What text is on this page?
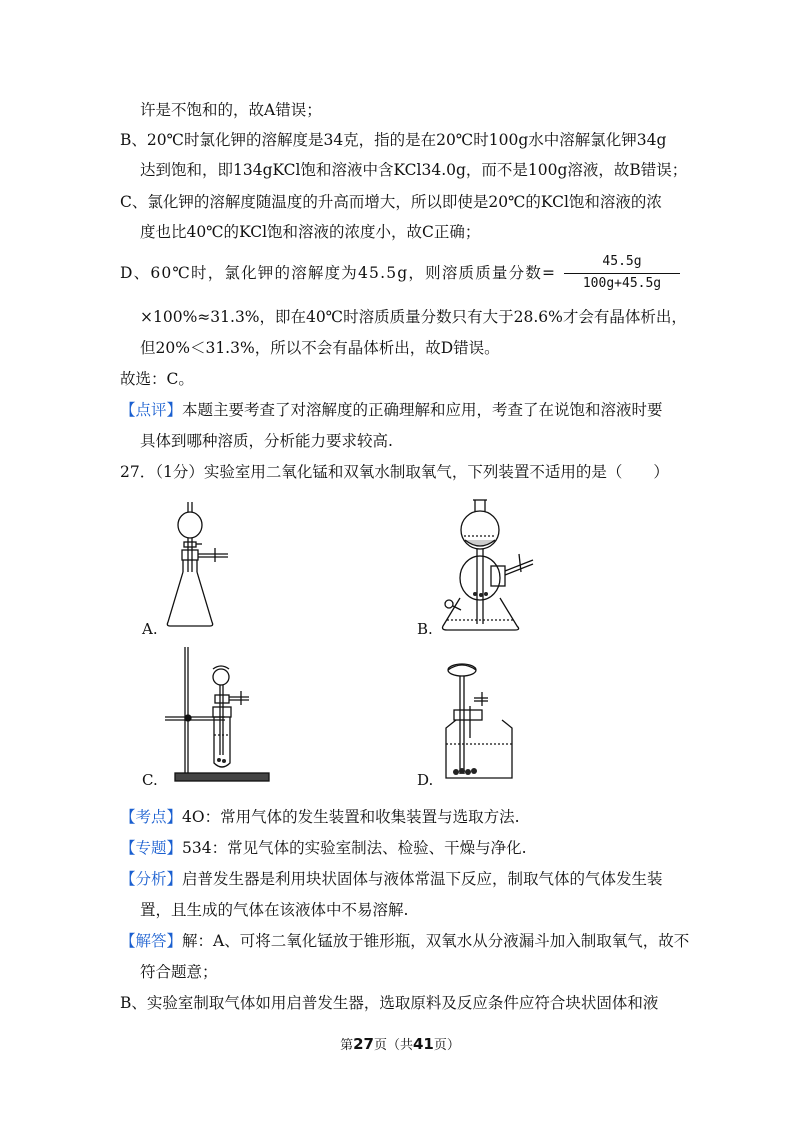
许是不饱和的，故A错误；
B、20℃时氯化钾的溶解度是34克，指的是在20℃时100g水中溶解氯化钾34g
达到饱和，即134gKCl饱和溶液中含KCl34.0g，而不是100g溶液，故B错误；
C、氯化钾的溶解度随温度的升高而增大，所以即使是20℃的KCl饱和溶液的浓
度也比40℃的KCl饱和溶液的浓度小，故C正确；
D、60℃时，氯化钾的溶解度为45.5g，则溶质质量分数=
45.5g
100g+45.5g
×100%≈31.3%，即在40℃时溶质质量分数只有大于28.6%才会有晶体析出，
但20%＜31.3%，所以不会有晶体析出，故D错误。
故选：C。
【点评】本题主要考查了对溶解度的正确理解和应用，考查了在说饱和溶液时要
具体到哪种溶质，分析能力要求较高.
27．（1分）实验室用二氧化锰和双氧水制取氧气，下列装置不适用的是（　　）
A.	B.
C.	D.
【考点】4O：常用气体的发生装置和收集装置与选取方法.
【专题】534：常见气体的实验室制法、检验、干燥与净化.
【分析】启普发生器是利用块状固体与液体常温下反应，制取气体的气体发生装
置，且生成的气体在该液体中不易溶解.
【解答】解：A、可将二氧化锰放于锥形瓶，双氧水从分液漏斗加入制取氧气，故不
符合题意；
B、实验室制取气体如用启普发生器，选取原料及反应条件应符合块状固体和液
第27页（共41页）
